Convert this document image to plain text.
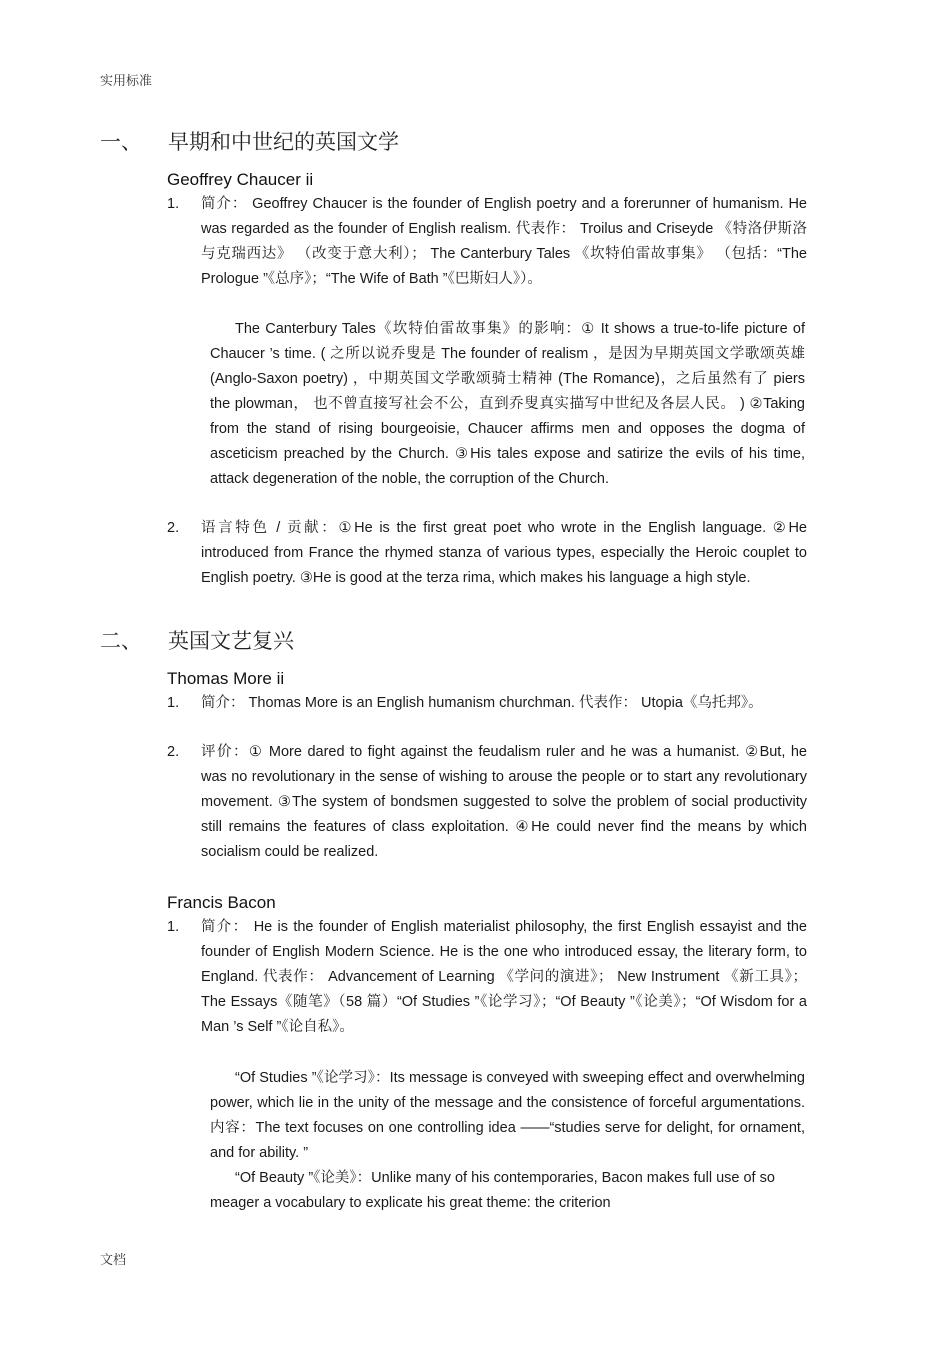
实用标准
一、 早期和中世纪的英国文学
Geoffrey Chaucer ii
1. 简介： Geoffrey Chaucer is the founder of English poetry and a forerunner of humanism. He was regarded as the founder of English realism. 代表作： Troilus and Criseyde 《特洛伊斯洛与克瑞西达》 （改变于意大利）； The Canterbury Tales 《坎特伯雷故事集》 （包括：“The Prologue ”《总序》；“The Wife of Bath ”《巴斯妇人》）。
The Canterbury Tales《坎特伯雷故事集》的影响：① It shows a true-to-life picture of Chaucer ’s time. ( 之所以说乔叟是 The founder of realism ，是因为早期英国文学歌颂英雄 (Anglo-Saxon poetry) ，中期英国文学歌颂骑士精神 (The Romance)，之后虽然有了 piers the plowman， 也不曾直接写社会不公，直到乔叟真实描写中世纪及各层人民。 ) ②Taking from the stand of rising bourgeoisie, Chaucer affirms men and opposes the dogma of asceticism preached by the Church. ③His tales expose and satirize the evils of his time, attack degeneration of the noble, the corruption of the Church.
2. 语言特色 / 贡献：①He is the first great poet who wrote in the English language. ②He introduced from France the rhymed stanza of various types, especially the Heroic couplet to English poetry. ③He is good at the terza rima, which makes his language a high style.
二、 英国文艺复兴
Thomas More ii
1. 简介： Thomas More is an English humanism churchman. 代表作： Utopia《乌托邦》。
2. 评价：① More dared to fight against the feudalism ruler and he was a humanist. ②But, he was no revolutionary in the sense of wishing to arouse the people or to start any revolutionary movement. ③The system of bondsmen suggested to solve the problem of social productivity still remains the features of class exploitation. ④He could never find the means by which socialism could be realized.
Francis Bacon
1. 简介： He is the founder of English materialist philosophy, the first English essayist and the founder of English Modern Science. He is the one who introduced essay, the literary form, to England. 代表作： Advancement of Learning 《学问的演进》； New Instrument 《新工具》； The Essays《随笔》（58 篇）“Of Studies ”《论学习》；“Of Beauty ”《论美》；“Of Wisdom for a Man ’s Self ”《论自私》。
“Of Studies ”《论学习》：Its message is conveyed with sweeping effect and overwhelming power, which lie in the unity of the message and the consistence of forceful argumentations. 内容：The text focuses on one controlling idea ——“studies serve for delight, for ornament, and for ability. ”
“Of Beauty ”《论美》：Unlike many of his contemporaries, Bacon makes full use of so meager a vocabulary to explicate his great theme: the criterion
文档
